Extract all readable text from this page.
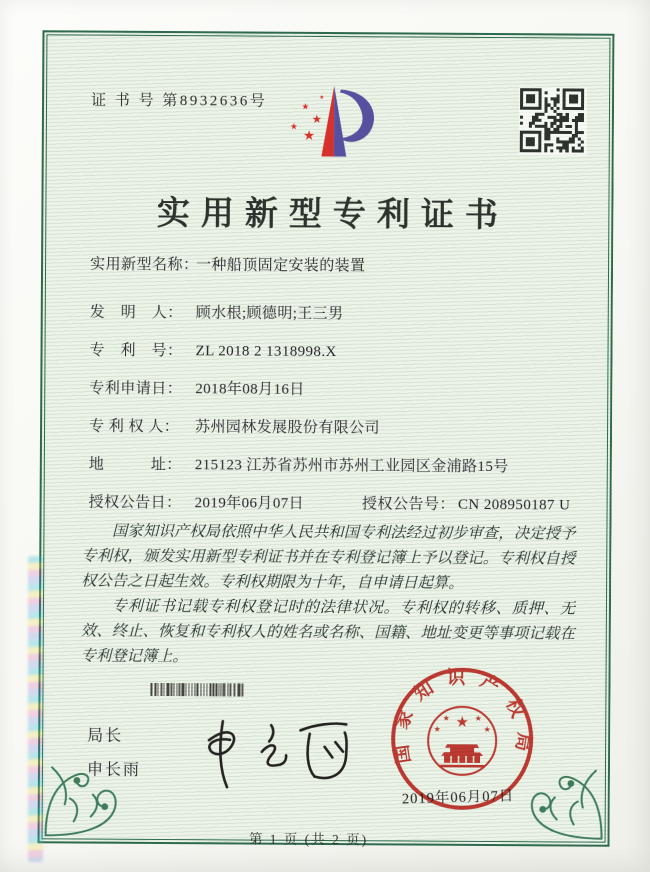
证 书 号 第8932636号	★
★
★
★
★
实用新型专利证书
实用新型名称：
一种船顶固定安装的装置
发　明　人： 顾水根;顾德明;王三男
专　利　号： ZL 2018 2 1318998.X
专利申请日： 2018年08月16日
专 利 权 人：	苏州园林发展股份有限公司
地　　　址： 215123 江苏省苏州市苏州工业园区金浦路15号
授权公告日： 2019年06月07日	授权公告号： CN 208950187 U

国家知识产权局依照中华人民共和国专利法经过初步审查，决定授予专利权，颁发实用新型专利证书并在专利登记簿上予以登记。专利权自授权公告之日起生效。专利权期限为十年，自申请日起算。

专利证书记载专利权登记时的法律状况。专利权的转移、质押、无效、终止、恢复和专利权人的姓名或名称、国籍、地址变更等事项记载在专利登记簿上。

局长
申长雨
国家知识产权局
★
★
★
★
★
2019年06月07日
第 1 页 (共 2 页)
